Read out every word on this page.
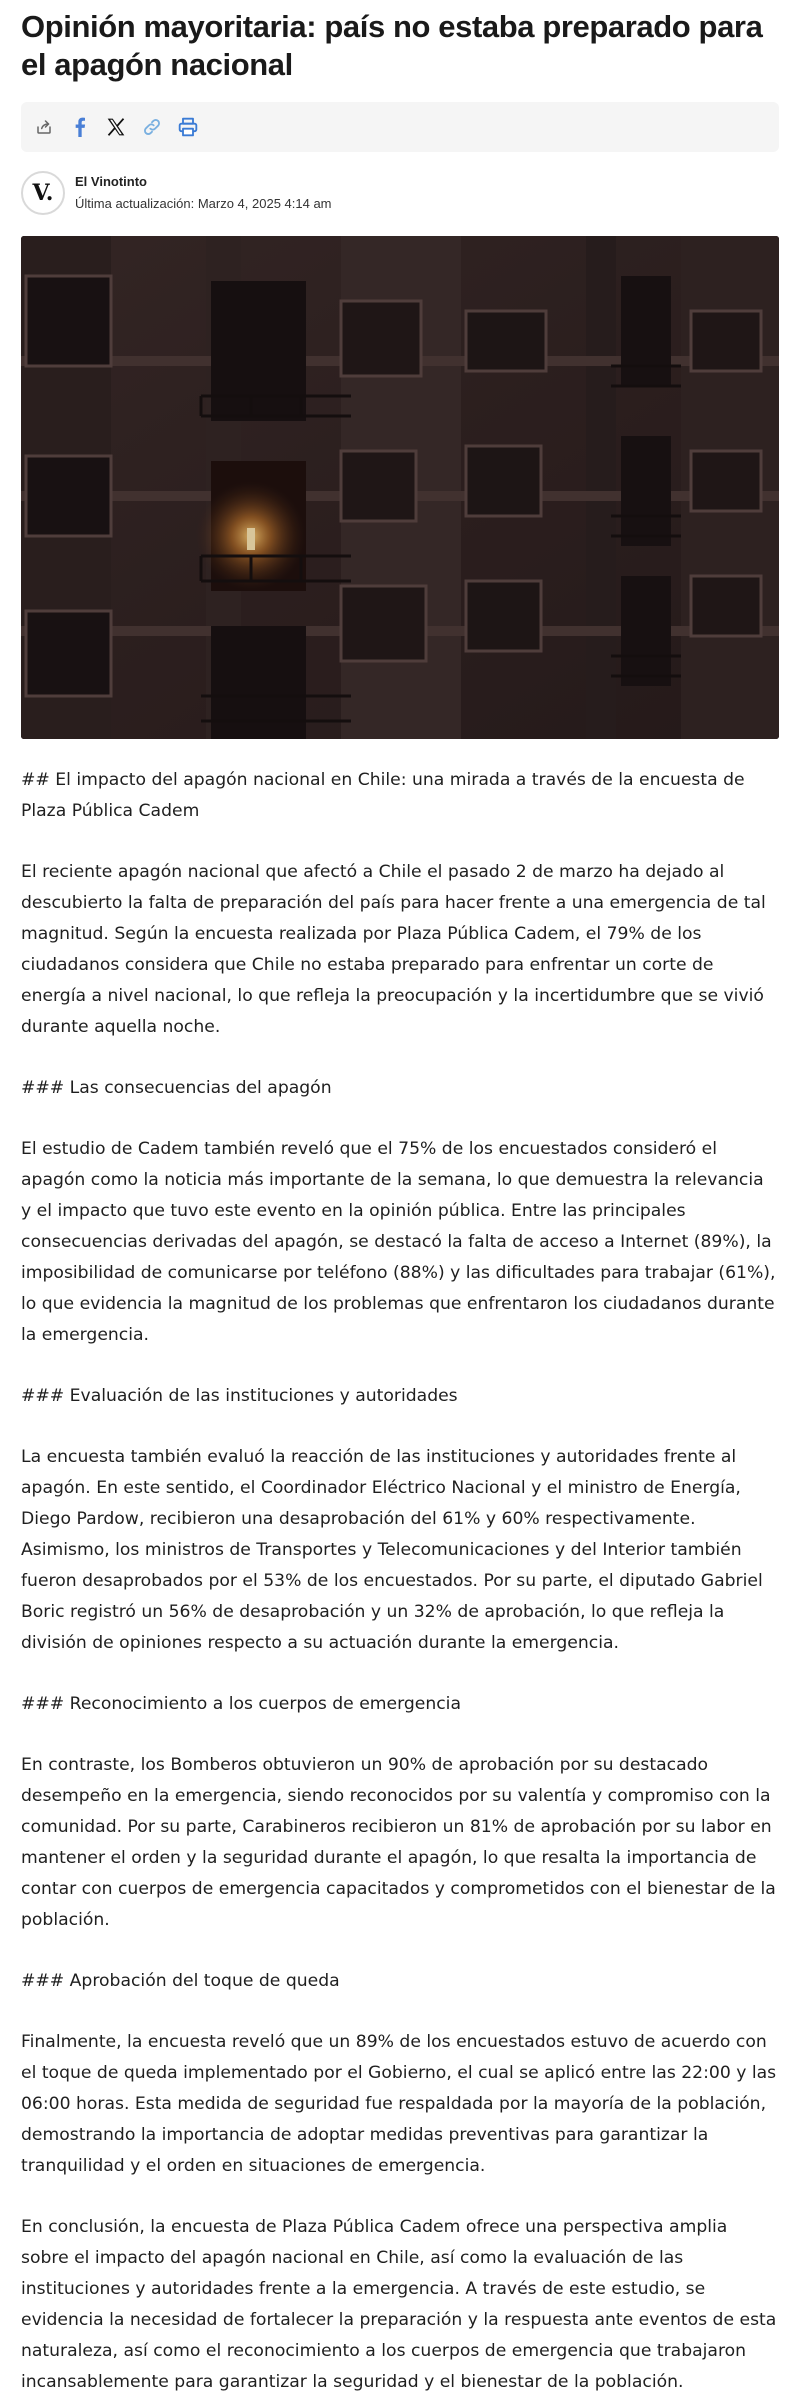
Opinión mayoritaria: país no estaba preparado para el apagón nacional
V. El Vinotinto
Última actualización: Marzo 4, 2025 4:14 am

## El impacto del apagón nacional en Chile: una mirada a través de la encuesta de Plaza Pública Cadem

El reciente apagón nacional que afectó a Chile el pasado 2 de marzo ha dejado al descubierto la falta de preparación del país para hacer frente a una emergencia de tal magnitud. Según la encuesta realizada por Plaza Pública Cadem, el 79% de los ciudadanos considera que Chile no estaba preparado para enfrentar un corte de energía a nivel nacional, lo que refleja la preocupación y la incertidumbre que se vivió durante aquella noche.

### Las consecuencias del apagón

El estudio de Cadem también reveló que el 75% de los encuestados consideró el apagón como la noticia más importante de la semana, lo que demuestra la relevancia y el impacto que tuvo este evento en la opinión pública. Entre las principales consecuencias derivadas del apagón, se destacó la falta de acceso a Internet (89%), la imposibilidad de comunicarse por teléfono (88%) y las dificultades para trabajar (61%), lo que evidencia la magnitud de los problemas que enfrentaron los ciudadanos durante la emergencia.

### Evaluación de las instituciones y autoridades

La encuesta también evaluó la reacción de las instituciones y autoridades frente al apagón. En este sentido, el Coordinador Eléctrico Nacional y el ministro de Energía, Diego Pardow, recibieron una desaprobación del 61% y 60% respectivamente. Asimismo, los ministros de Transportes y Telecomunicaciones y del Interior también fueron desaprobados por el 53% de los encuestados. Por su parte, el diputado Gabriel Boric registró un 56% de desaprobación y un 32% de aprobación, lo que refleja la división de opiniones respecto a su actuación durante la emergencia.

### Reconocimiento a los cuerpos de emergencia

En contraste, los Bomberos obtuvieron un 90% de aprobación por su destacado desempeño en la emergencia, siendo reconocidos por su valentía y compromiso con la comunidad. Por su parte, Carabineros recibieron un 81% de aprobación por su labor en mantener el orden y la seguridad durante el apagón, lo que resalta la importancia de contar con cuerpos de emergencia capacitados y comprometidos con el bienestar de la población.

### Aprobación del toque de queda

Finalmente, la encuesta reveló que un 89% de los encuestados estuvo de acuerdo con el toque de queda implementado por el Gobierno, el cual se aplicó entre las 22:00 y las 06:00 horas. Esta medida de seguridad fue respaldada por la mayoría de la población, demostrando la importancia de adoptar medidas preventivas para garantizar la tranquilidad y el orden en situaciones de emergencia.

En conclusión, la encuesta de Plaza Pública Cadem ofrece una perspectiva amplia sobre el impacto del apagón nacional en Chile, así como la evaluación de las instituciones y autoridades frente a la emergencia. A través de este estudio, se evidencia la necesidad de fortalecer la preparación y la respuesta ante eventos de esta naturaleza, así como el reconocimiento a los cuerpos de emergencia que trabajaron incansablemente para garantizar la seguridad y el bienestar de la población.
